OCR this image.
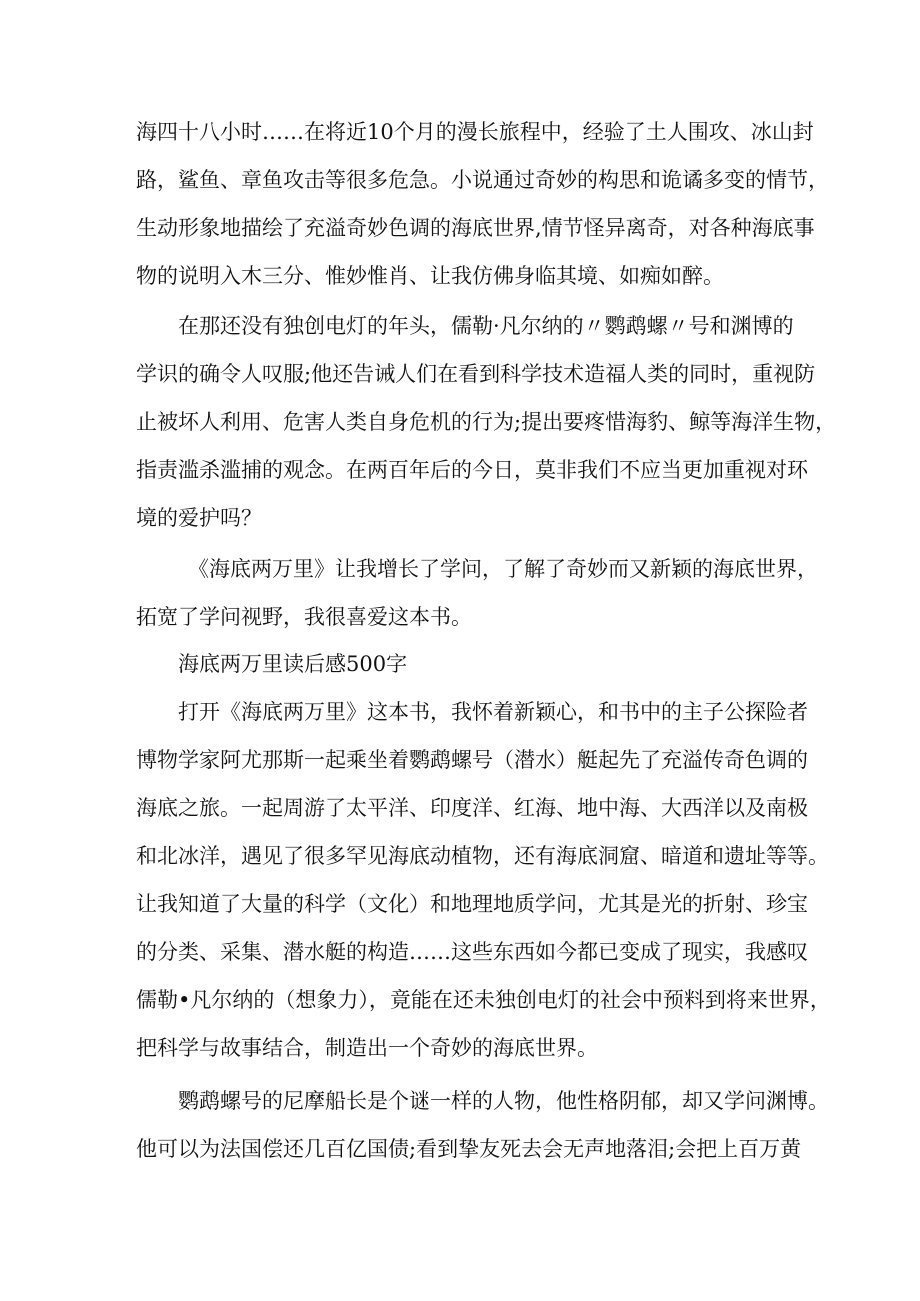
海四十八小时……在将近10个月的漫长旅程中，经验了土人围攻、冰山封
路，鲨鱼、章鱼攻击等很多危急。小说通过奇妙的构思和诡谲多变的情节，
生动形象地描绘了充溢奇妙色调的海底世界,情节怪异离奇，对各种海底事
物的说明入木三分、惟妙惟肖、让我仿佛身临其境、如痴如醉。
在那还没有独创电灯的年头，儒勒·凡尔纳的〃鹦鹉螺〃号和渊博的
学识的确令人叹服;他还告诫人们在看到科学技术造福人类的同时，重视防
止被坏人利用、危害人类自身危机的行为;提出要疼惜海豹、鲸等海洋生物，
指责滥杀滥捕的观念。在两百年后的今日，莫非我们不应当更加重视对环
境的爱护吗？
《海底两万里》让我增长了学问，了解了奇妙而又新颖的海底世界，
拓宽了学问视野，我很喜爱这本书。
海底两万里读后感500字
打开《海底两万里》这本书，我怀着新颖心，和书中的主子公探险者
博物学家阿尤那斯一起乘坐着鹦鹉螺号（潜水）艇起先了充溢传奇色调的
海底之旅。一起周游了太平洋、印度洋、红海、地中海、大西洋以及南极
和北冰洋，遇见了很多罕见海底动植物，还有海底洞窟、暗道和遗址等等。
让我知道了大量的科学（文化）和地理地质学问，尤其是光的折射、珍宝
的分类、采集、潜水艇的构造……这些东西如今都已变成了现实，我感叹
儒勒•凡尔纳的（想象力），竟能在还未独创电灯的社会中预料到将来世界，
把科学与故事结合，制造出一个奇妙的海底世界。
鹦鹉螺号的尼摩船长是个谜一样的人物，他性格阴郁，却又学问渊博。
他可以为法国偿还几百亿国债;看到挚友死去会无声地落泪;会把上百万黄
